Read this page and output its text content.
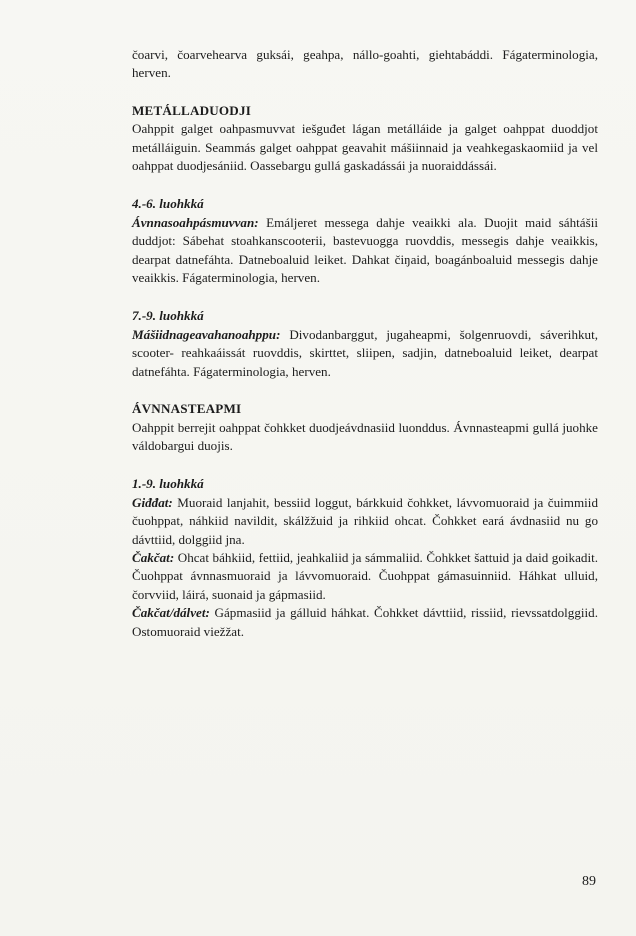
čoarvi, čoarvehearva guksái, geahpa, nállo-goahti, giehtabáddi. Fágaterminologia, herven.

METÁLLADUODJI

Oahppit galget oahpasmuvvat iešguđet lágan metálláide ja galget oahppat duoddjot metálláiguin. Seammás galget oahppat geavahit mášiinnaid ja veahkegaskaomiid ja vel oahppat duodjesániid. Oassebargu gullá gaskadássái ja nuoraiddássái.

4.-6. luohkká

Ávnnasoahpásmuvvan: Emáljeret messega dahje veaikki ala. Duojit maid sáhtášii duddjot: Sábehat stoahkanscooterii, bastevuogga ruovddis, messegis dahje veaikkis, dearpat datnefáhta. Datneboaluid leiket. Dahkat čiŋaid, boagánboaluid messegis dahje veaikkis. Fágaterminologia, herven.

7.-9. luohkká

Mášiidnageavahanoahppu: Divodanbarggut, jugaheapmi, šolgenruovdi, sáverihkut, scooter- reahkaáissát ruovddis, skirttet, sliipen, sadjin, datneboaluid leiket, dearpat datnefáhta. Fágaterminologia, herven.

ÁVNNASTEAPMI

Oahppit berrejit oahppat čohkket duodjeávdnasiid luonddus. Ávnnasteapmi gullá juohke váldobargui duojis.

1.-9. luohkká

Giđđat: Muoraid lanjahit, bessiid loggut, bárkkuid čohkket, lávvomuoraid ja čuimmiid čuohppat, náhkiid navildit, skálžžuid ja rihkiid ohcat. Čohkket eará ávdnasiid nu go dávttiid, dolggiid jna.

Čakčat: Ohcat báhkiid, fettiid, jeahkaliid ja sámmaliid. Čohkket šattuid ja daid goikadit. Čuohppat ávnnasmuoraid ja lávvomuoraid. Čuohppat gámasuinniid. Háhkat ulluid, čorvviid, láirá, suonaid ja gápmasiid.

Čakčat/dálvet: Gápmasiid ja gálluid háhkat. Čohkket dávttiid, rissiid, rievssatdolggiid. Ostomuoraid viežžat.

89
